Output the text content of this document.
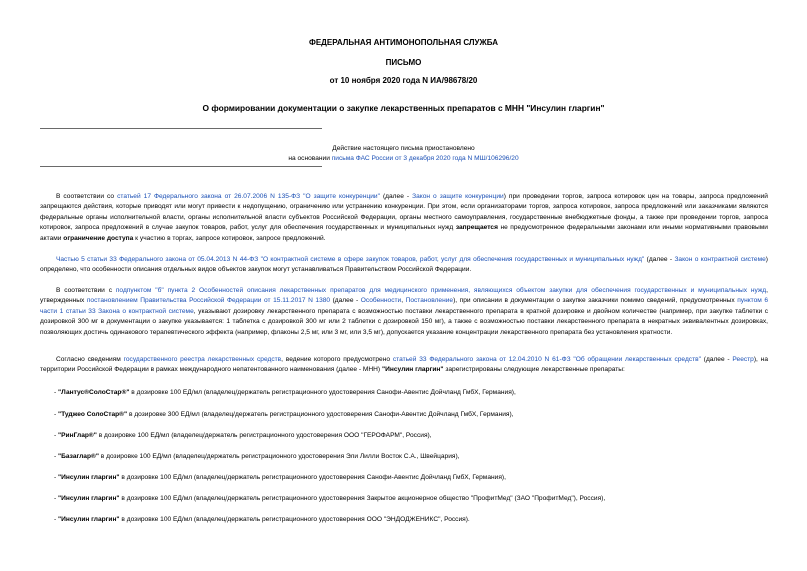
ФЕДЕРАЛЬНАЯ АНТИМОНОПОЛЬНАЯ СЛУЖБА
ПИСЬМО
от 10 ноября 2020 года N ИА/98678/20
О формировании документации о закупке лекарственных препаратов с МНН "Инсулин гларгин"
Действие настоящего письма приостановлено
на основании письма ФАС России от 3 декабря 2020 года N МШ/106296/20
В соответствии со статьей 17 Федерального закона от 26.07.2006 N 135-ФЗ "О защите конкуренции" (далее - Закон о защите конкуренции) при проведении торгов, запроса котировок цен на товары, запроса предложений запрещаются действия, которые приводят или могут привести к недопущению, ограничению или устранению конкуренции. При этом, если организаторами торгов, запроса котировок, запроса предложений или заказчиками являются федеральные органы исполнительной власти, органы исполнительной власти субъектов Российской Федерации, органы местного самоуправления, государственные внебюджетные фонды, а также при проведении торгов, запроса котировок, запроса предложений в случае закупок товаров, работ, услуг для обеспечения государственных и муниципальных нужд запрещается не предусмотренное федеральными законами или иными нормативными правовыми актами ограничение доступа к участию в торгах, запросе котировок, запросе предложений.
Частью 5 статьи 33 Федерального закона от 05.04.2013 N 44-ФЗ "О контрактной системе в сфере закупок товаров, работ, услуг для обеспечения государственных и муниципальных нужд" (далее - Закон о контрактной системе) определено, что особенности описания отдельных видов объектов закупок могут устанавливаться Правительством Российской Федерации.
В соответствии с подпунктом "б" пункта 2 Особенностей описания лекарственных препаратов для медицинского применения, являющихся объектом закупки для обеспечения государственных и муниципальных нужд, утвержденных постановлением Правительства Российской Федерации от 15.11.2017 N 1380 (далее - Особенности, Постановление), при описании в документации о закупке заказчики помимо сведений, предусмотренных пунктом 6 части 1 статьи 33 Закона о контрактной системе, указывают дозировку лекарственного препарата с возможностью поставки лекарственного препарата в кратной дозировке и двойном количестве (например, при закупке таблетки с дозировкой 300 мг в документации о закупке указывается: 1 таблетка с дозировкой 300 мг или 2 таблетки с дозировкой 150 мг), а также с возможностью поставки лекарственного препарата в некратных эквивалентных дозировках, позволяющих достичь одинакового терапевтического эффекта (например, флаконы 2,5 мг, или 3 мг, или 3,5 мг), допускается указание концентрации лекарственного препарата без установления кратности.
Согласно сведениям государственного реестра лекарственных средств, ведение которого предусмотрено статьей 33 Федерального закона от 12.04.2010 N 61-ФЗ "Об обращении лекарственных средств" (далее - Реестр), на территории Российской Федерации в рамках международного непатентованного наименования (далее - МНН) "Инсулин гларгин" зарегистрированы следующие лекарственные препараты:
- "Лантус®СолоСтар®" в дозировке 100 ЕД/мл (владелец/держатель регистрационного удостоверения Санофи-Авентис Дойчланд ГмбХ, Германия),
- "Туджео СолоСтар®" в дозировке 300 ЕД/мл (владелец/держатель регистрационного удостоверения Санофи-Авентис Дойчланд ГмбХ, Германия),
- "РинГлар®" в дозировке 100 ЕД/мл (владелец/держатель регистрационного удостоверения ООО "ГЕРОФАРМ", Россия),
- "Базаглар®" в дозировке 100 ЕД/мл (владелец/держатель регистрационного удостоверения Эли Лилли Восток С.А., Швейцария),
- "Инсулин гларгин" в дозировке 100 ЕД/мл (владелец/держатель регистрационного удостоверения Санофи-Авентис Дойчланд ГмбХ, Германия),
- "Инсулин гларгин" в дозировке 100 ЕД/мл (владелец/держатель регистрационного удостоверения Закрытое акционерное общество "ПрофитМед" (ЗАО "ПрофитМед"), Россия),
- "Инсулин гларгин" в дозировке 100 ЕД/мл (владелец/держатель регистрационного удостоверения ООО "ЭНДОДЖЕНИКС", Россия).
